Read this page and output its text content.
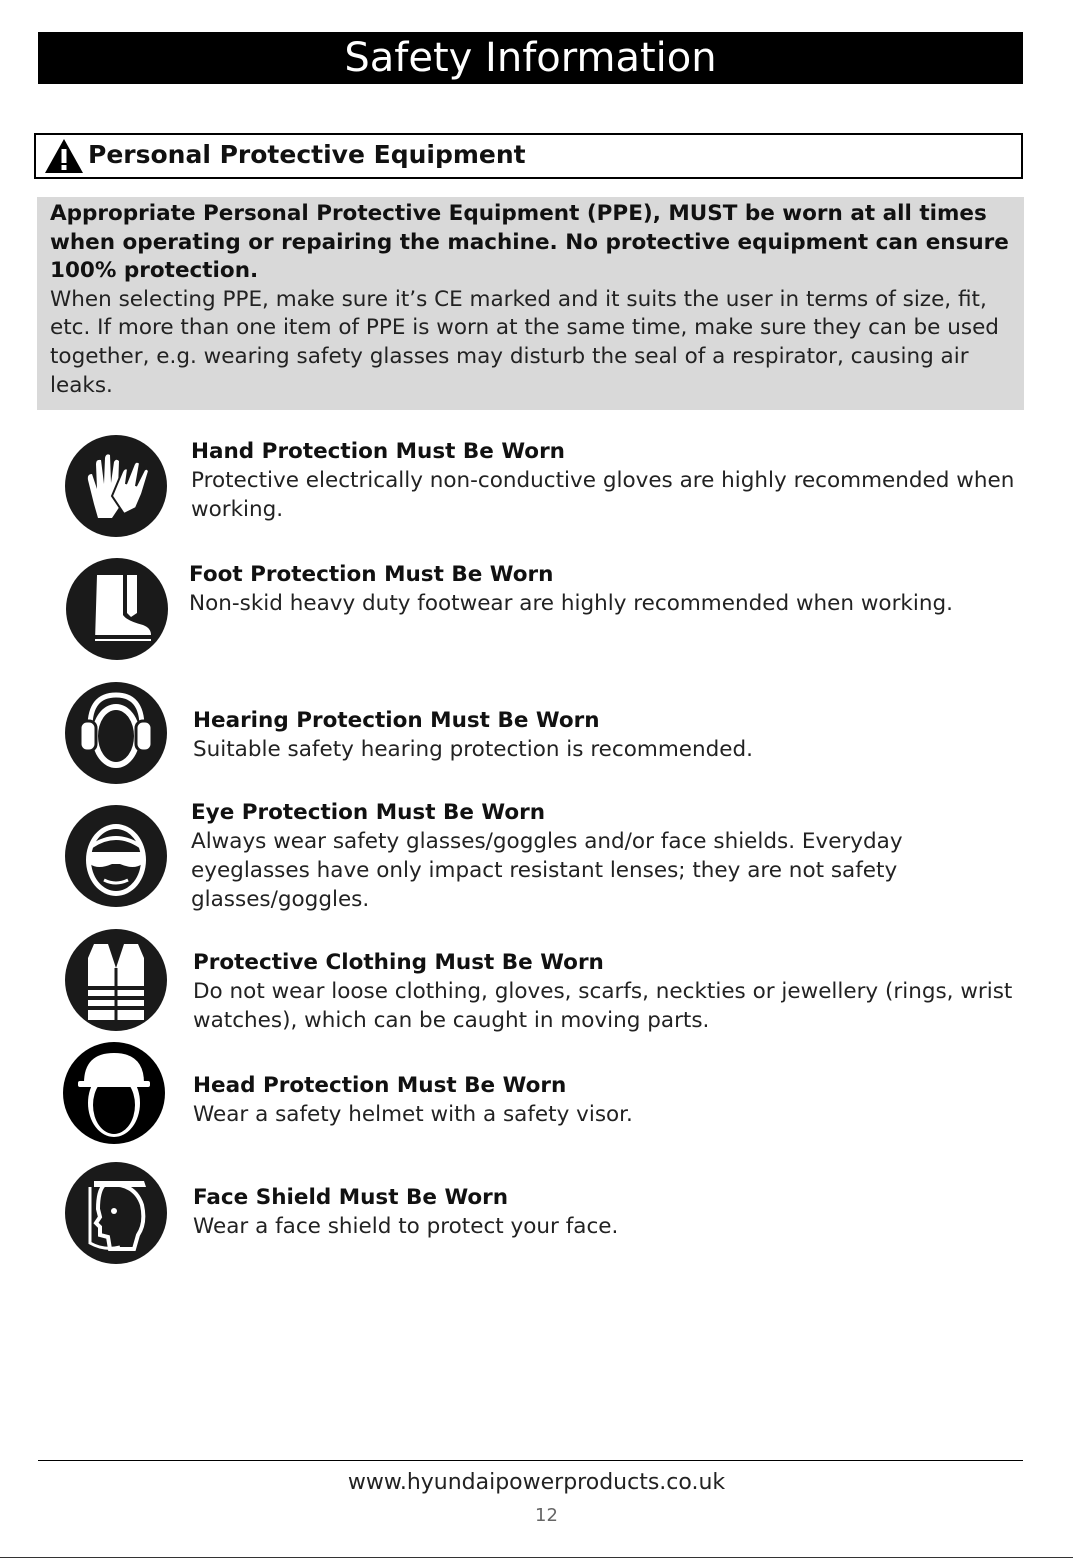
Safety Information
Personal Protective Equipment
Appropriate Personal Protective Equipment (PPE), MUST be worn at all times when operating or repairing the machine. No protective equipment can ensure 100% protection.
When selecting PPE, make sure it’s CE marked and it suits the user in terms of size, fit, etc. If more than one item of PPE is worn at the same time, make sure they can be used together, e.g. wearing safety glasses may disturb the seal of a respirator, causing air leaks.
Hand Protection Must Be Worn
Protective electrically non-conductive gloves are highly recommended when working.
Foot Protection Must Be Worn
Non-skid heavy duty footwear are highly recommended when working.
Hearing Protection Must Be Worn
Suitable safety hearing protection is recommended.
Eye Protection Must Be Worn
Always wear safety glasses/goggles and/or face shields. Everyday eyeglasses have only impact resistant lenses; they are not safety glasses/goggles.
Protective Clothing Must Be Worn
Do not wear loose clothing, gloves, scarfs, neckties or jewellery (rings, wrist watches), which can be caught in moving parts.
Head Protection Must Be Worn
Wear a safety helmet with a safety visor.
Face Shield Must Be Worn
Wear a face shield to protect your face.
www.hyundaipowerproducts.co.uk
12
